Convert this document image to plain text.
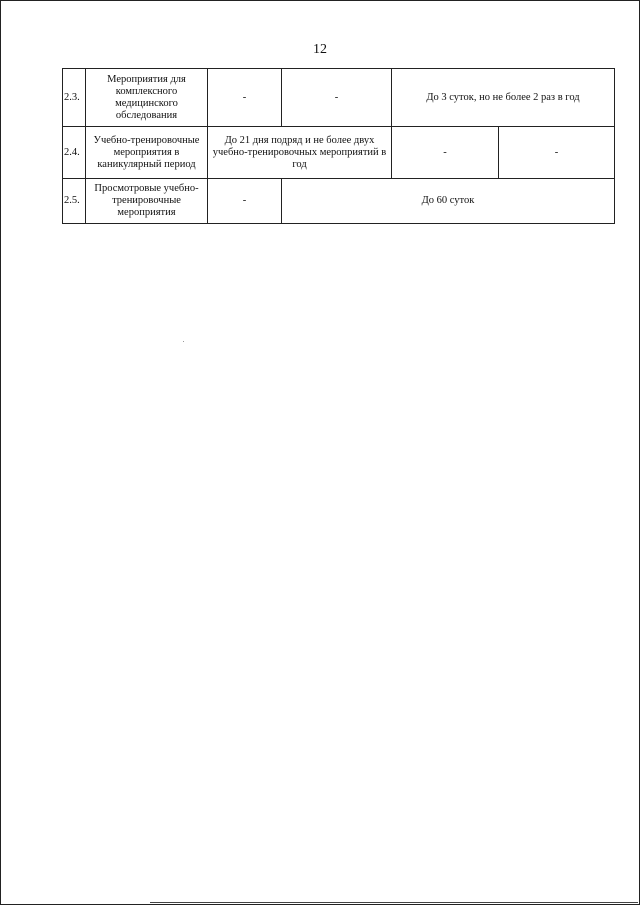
12
2.3.	Мероприятия для комплексного медицинского обследования	-	-	До 3 суток, но не более 2 раз в год	
2.4.	Учебно-тренировочные мероприятия в каникулярный период	До 21 дня подряд и не более двух учебно-тренировочных мероприятий в год		-	-
2.5.	Просмотровые учебно-тренировочные мероприятия	-	До 60 суток		
